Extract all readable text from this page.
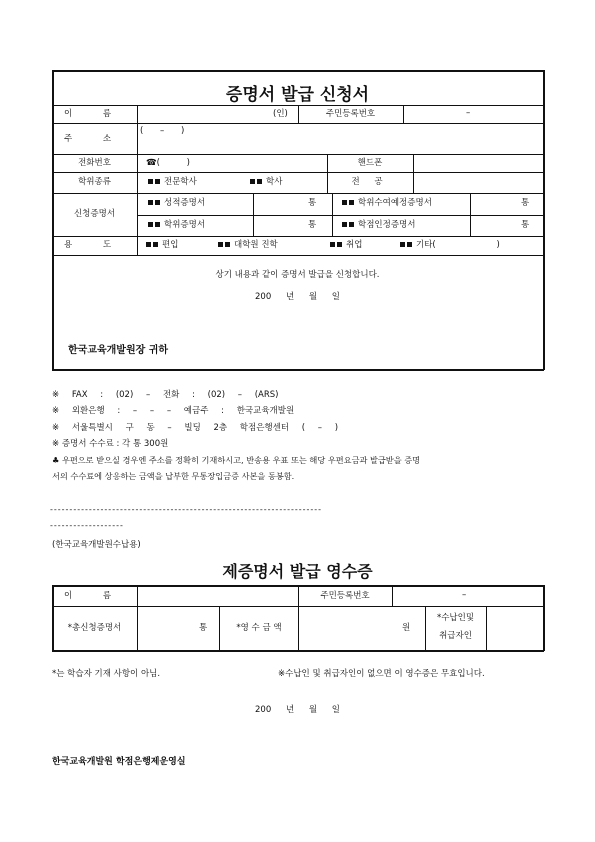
증명서 발급 신청서
이 름	(인)	주민등록번호	–
주 소
( – )
전화번호	☎( )	핸드폰
학위종류	전문학사	학사	전 공
신청증명서
성적증명서	통	학위수여예정증명서	통
학위증명서	통	학점인정증명서	통
용 도	편입	대학원 진학	취업	기타( )
상기 내용과 같이 증명서 발급을 신청합니다.
200 년 월 일
한국교육개발원장 귀하
※ FAX : (02) – 전화 : (02) – (ARS)
※ 외환은행 : – – – 예금주 : 한국교육개발원
※ 서울특별시 구 동 – 빌딩 2층 학점은행센터 ( – )
※ 증명서 수수료 : 각 통 300원
♣ 우편으로 받으실 경우엔 주소를 정확히 기재하시고, 반송용 우표 또는 해당 우편요금과 발급받을 증명
서의 수수료에 상응하는 금액을 납부한 무통장입금증 사본을 동봉함.
----------------------------------------------------------------------
-------------------
(한국교육개발원수납용)
제증명서 발급 영수증
이 름	주민등록번호	–
*총신청증명서	통	*영 수 금 액	원
*수납인및
취급자인
*는 학습자 기재 사항이 아님.	※수납인 및 취급자인이 없으면 이 영수증은 무효입니다.
200 년 월 일
한국교육개발원 학점은행제운영실
